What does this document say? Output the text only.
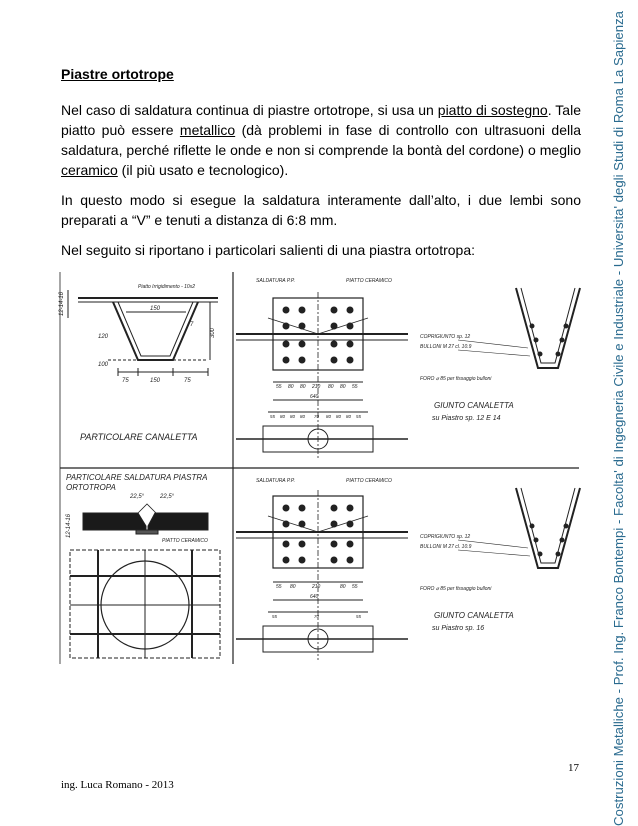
Piastre ortotrope
Nel caso di saldatura continua di piastre ortotrope, si usa un piatto di sostegno. Tale piatto può essere metallico (dà problemi in fase di controllo con ultrasuoni della saldatura, perché riflette le onde e non si comprende la bontà del cordone) o meglio ceramico (il più usato e tecnologico).
In questo modo si esegue la saldatura interamente dall’alto, i due lembi sono preparati a “V” e tenuti a distanza di 6:8 mm.
Nel seguito si riportano i particolari salienti di una piastra ortotropa:
Piatto Irrigidimento - 10x2
12-14-16	150
7
300
75	150	75
120
100
PARTICOLARE CANALETTA
PARTICOLARE SALDATURA PIASTRA
ORTOTROPA
22,5°	22,5°
12-14-16
PIATTO CERAMICO
SALDATURA P.P.	PIATTO CERAMICO
55 80 80 210 80 80 55
640
55 80 80 80 70 80 80 80 55
SALDATURA P.P.	PIATTO CERAMICO
55 80	210	80 55
640
55	70	55
COPRIGIUNTO sp. 12
BULLONI M 27 cl. 10.9
FORO ⌀ 85 per fissaggio bulloni
GIUNTO CANALETTA
su Piastro sp. 12 E 14
COPRIGIUNTO sp. 12
BULLONI M 27 cl. 10.9
FORO ⌀ 85 per fissaggio bulloni
GIUNTO CANALETTA
su Piastro sp. 16	Costruzioni Metalliche - Prof. Ing. Franco Bontempi - Facolta' di Ingegneria Civile e Industriale - Universita' degli Studi di Roma La Sapienza
17
ing. Luca Romano - 2013
